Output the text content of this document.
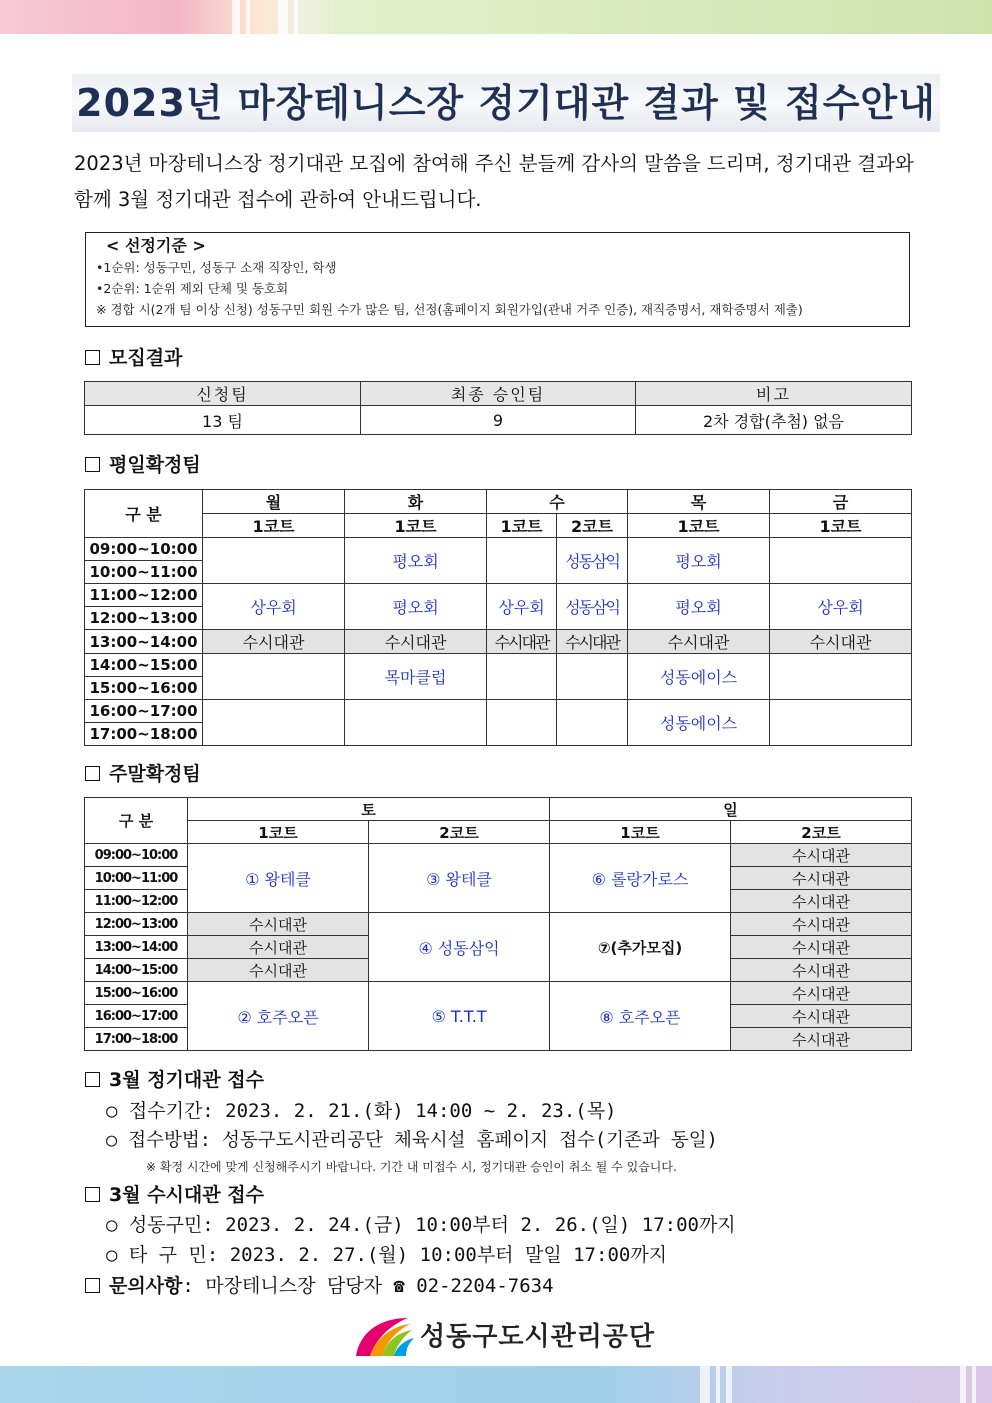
2023년 마장테니스장 정기대관 결과 및 접수안내
2023년 마장테니스장 정기대관 모집에 참여해 주신 분들께 감사의 말씀을 드리며, 정기대관 결과와 함께 3월 정기대관 접수에 관하여 안내드립니다.
< 선정기준 >
•1순위: 성동구민, 성동구 소재 직장인, 학생
•2순위: 1순위 제외 단체 및 동호회
※ 경합 시(2개 팀 이상 신청) 성동구민 회원 수가 많은 팀, 선정(홈페이지 회원가입(관내 거주 인증), 재직증명서, 재학증명서 제출)
모집결과
신청팀	최종 승인팀	비고
13 팀	9	2차 경합(추첨) 없음
평일확정팀
구 분	월	화	수		목	금
	1코트	1코트	1코트	2코트	1코트	1코트
09:00~10:00		평오회		성동삼익	평오회	
10:00~11:00						
11:00~12:00	상우회	평오회	상우회	성동삼익	평오회	상우회
12:00~13:00						
13:00~14:00	수시대관	수시대관	수시대관	수시대관	수시대관	수시대관
14:00~15:00		목마클럽			성동에이스	
15:00~16:00						
16:00~17:00					성동에이스	
17:00~18:00						
주말확정팀
구 분	토		일	
	1코트	2코트	1코트	2코트
09:00~10:00	① 왕테클	③ 왕테클	⑥ 롤랑가로스	수시대관
10:00~11:00				수시대관
11:00~12:00				수시대관
12:00~13:00	수시대관	④ 성동삼익	⑦(추가모집)	수시대관
13:00~14:00	수시대관			수시대관
14:00~15:00	수시대관			수시대관
15:00~16:00	② 호주오픈	⑤ T.T.T	⑧ 호주오픈	수시대관
16:00~17:00				수시대관
17:00~18:00				수시대관
3월 정기대관 접수
○ 접수기간: 2023. 2. 21.(화) 14:00 ~ 2. 23.(목)
○ 접수방법: 성동구도시관리공단 체육시설 홈페이지 접수(기존과 동일)
※ 확정 시간에 맞게 신청해주시기 바랍니다. 기간 내 미접수 시, 정기대관 승인이 취소 될 수 있습니다.
3월 수시대관 접수
○ 성동구민: 2023. 2. 24.(금) 10:00부터 2. 26.(일) 17:00까지
○ 타 구 민: 2023. 2. 27.(월) 10:00부터 말일 17:00까지
문의사항: 마장테니스장 담당자 ☎ 02-2204-7634
성동구도시관리공단
